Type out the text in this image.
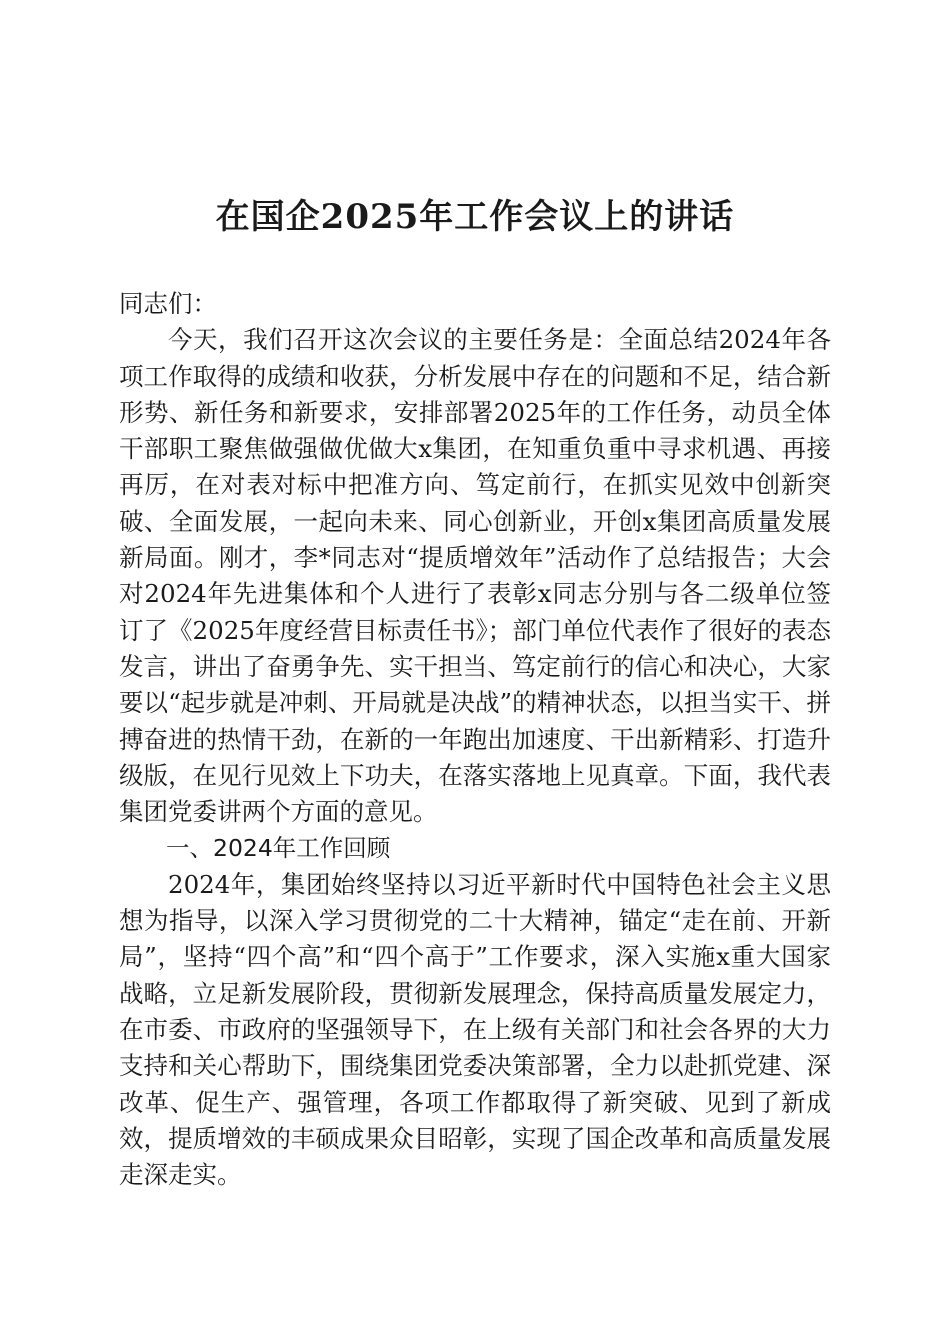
在国企2025年工作会议上的讲话

同志们：

今天，我们召开这次会议的主要任务是：全面总结2024年各项工作取得的成绩和收获，分析发展中存在的问题和不足，结合新形势、新任务和新要求，安排部署2025年的工作任务，动员全体干部职工聚焦做强做优做大x集团，在知重负重中寻求机遇、再接再厉，在对表对标中把准方向、笃定前行，在抓实见效中创新突破、全面发展，一起向未来、同心创新业，开创x集团高质量发展新局面。刚才，李*同志对“提质增效年”活动作了总结报告；大会对2024年先进集体和个人进行了表彰x同志分别与各二级单位签订了《2025年度经营目标责任书》；部门单位代表作了很好的表态发言，讲出了奋勇争先、实干担当、笃定前行的信心和决心，大家要以“起步就是冲刺、开局就是决战”的精神状态，以担当实干、拼搏奋进的热情干劲，在新的一年跑出加速度、干出新精彩、打造升级版，在见行见效上下功夫，在落实落地上见真章。下面，我代表集团党委讲两个方面的意见。

一、2024年工作回顾

2024年，集团始终坚持以习近平新时代中国特色社会主义思想为指导，以深入学习贯彻党的二十大精神，锚定“走在前、开新局”，坚持“四个高”和“四个高于”工作要求，深入实施x重大国家战略，立足新发展阶段，贯彻新发展理念，保持高质量发展定力，在市委、市政府的坚强领导下，在上级有关部门和社会各界的大力支持和关心帮助下，围绕集团党委决策部署，全力以赴抓党建、深改革、促生产、强管理，各项工作都取得了新突破、见到了新成效，提质增效的丰硕成果众目昭彰，实现了国企改革和高质量发展走深走实。
